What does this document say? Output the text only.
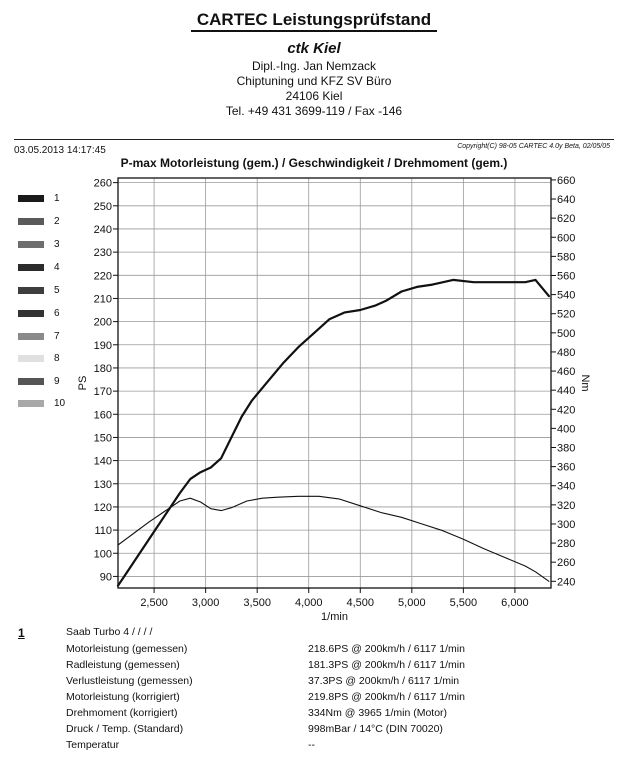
CARTEC Leistungsprüfstand
ctk Kiel
Dipl.-Ing. Jan Nemzack
Chiptuning und KFZ SV Büro
24106 Kiel
Tel. +49 431 3699-119 / Fax -146
03.05.2013 14:17:45	Copyright(C) 98-05 CARTEC 4.0y Beta, 02/05/05
P-max Motorleistung (gem.) / Geschwindigkeit / Drehmoment (gem.)
1
2
3
4
5
6
7
8
9
10
90
100
110
120
130
140
150
160
170
180
190
200
210
220
230
240
250
260
240
260
280
300
320
340
360
380
400
420
440
460
480
500
520
540
560
580
600
620
640
660
2,500 3,000 3,500 4,000 4,500 5,000 5,500 6,000
1/min
PS	Nm
1	Saab Turbo 4 / / / /
Motorleistung (gemessen)	218.6PS @ 200km/h / 6117 1/min
Radleistung (gemessen)	181.3PS @ 200km/h / 6117 1/min
Verlustleistung (gemessen)	37.3PS @ 200km/h / 6117 1/min
Motorleistung (korrigiert)	219.8PS @ 200km/h / 6117 1/min
Drehmoment (korrigiert)	334Nm @ 3965 1/min (Motor)
Druck / Temp. (Standard)	998mBar / 14°C (DIN 70020)
Temperatur	--
